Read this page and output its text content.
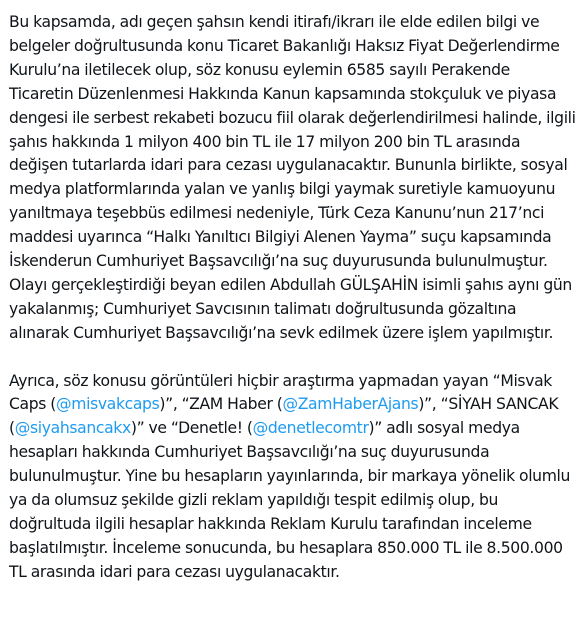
Bu kapsamda, adı geçen şahsın kendi itirafı/ikrarı ile elde edilen bilgi ve belgeler doğrultusunda konu Ticaret Bakanlığı Haksız Fiyat Değerlendirme Kurulu’na iletilecek olup, söz konusu eylemin 6585 sayılı Perakende Ticaretin Düzenlenmesi Hakkında Kanun kapsamında stokçuluk ve piyasa dengesi ile serbest rekabeti bozucu fiil olarak değerlendirilmesi halinde, ilgili şahıs hakkında 1 milyon 400 bin TL ile 17 milyon 200 bin TL arasında değişen tutarlarda idari para cezası uygulanacaktır. Bununla birlikte, sosyal medya platformlarında yalan ve yanlış bilgi yaymak suretiyle kamuoyunu yanıltmaya teşebbüs edilmesi nedeniyle, Türk Ceza Kanunu’nun 217’nci maddesi uyarınca “Halkı Yanıltıcı Bilgiyi Alenen Yayma” suçu kapsamında İskenderun Cumhuriyet Başsavcılığı’na suç duyurusunda bulunulmuştur. Olayı gerçekleştirdiği beyan edilen Abdullah GÜLŞAHİN isimli şahıs aynı gün yakalanmış; Cumhuriyet Savcısının talimatı doğrultusunda gözaltına alınarak Cumhuriyet Başsavcılığı’na sevk edilmek üzere işlem yapılmıştır.

Ayrıca, söz konusu görüntüleri hiçbir araştırma yapmadan yayan “Misvak Caps (@misvakcaps)”, “ZAM Haber (@ZamHaberAjans)”, “SİYAH SANCAK (@siyahsancakx)” ve “Denetle! (@denetlecomtr)” adlı sosyal medya hesapları hakkında Cumhuriyet Başsavcılığı’na suç duyurusunda bulunulmuştur. Yine bu hesapların yayınlarında, bir markaya yönelik olumlu ya da olumsuz şekilde gizli reklam yapıldığı tespit edilmiş olup, bu doğrultuda ilgili hesaplar hakkında Reklam Kurulu tarafından inceleme başlatılmıştır. İnceleme sonucunda, bu hesaplara 850.000 TL ile 8.500.000 TL arasında idari para cezası uygulanacaktır.
